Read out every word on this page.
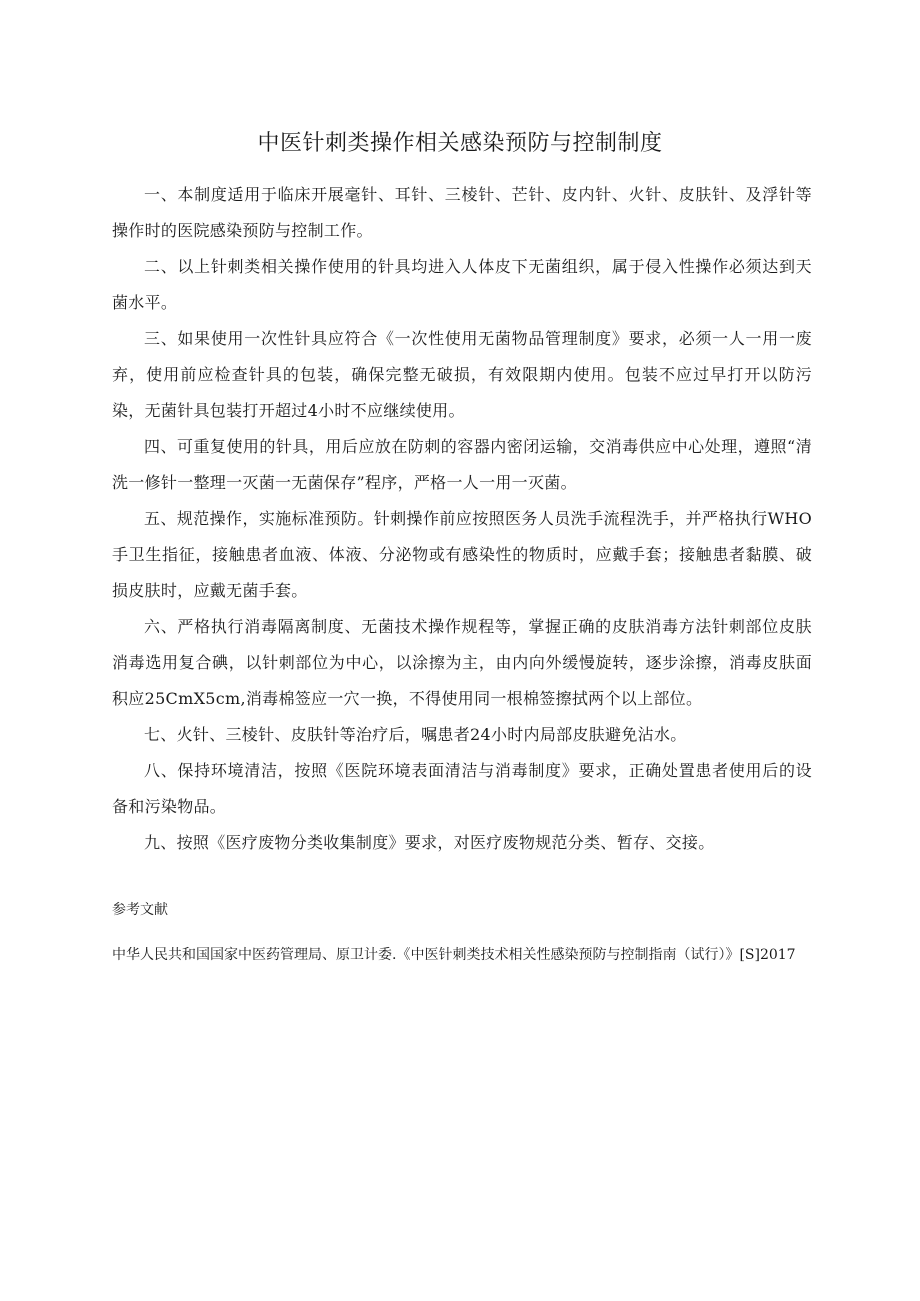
中医针刺类操作相关感染预防与控制制度

一、本制度适用于临床开展毫针、耳针、三棱针、芒针、皮内针、火针、皮肤针、及浮针等操作时的医院感染预防与控制工作。

二、以上针刺类相关操作使用的针具均进入人体皮下无菌组织，属于侵入性操作必须达到天菌水平。

三、如果使用一次性针具应符合《一次性使用无菌物品管理制度》要求，必须一人一用一废弃，使用前应检查针具的包装，确保完整无破损，有效限期内使用。包装不应过早打开以防污染，无菌针具包装打开超过4小时不应继续使用。

四、可重复使用的针具，用后应放在防刺的容器内密闭运输，交消毒供应中心处理，遵照“清洗一修针一整理一灭菌一无菌保存”程序，严格一人一用一灭菌。

五、规范操作，实施标准预防。针刺操作前应按照医务人员洗手流程洗手，并严格执行WHO手卫生指征，接触患者血液、体液、分泌物或有感染性的物质时，应戴手套；接触患者黏膜、破损皮肤时，应戴无菌手套。

六、严格执行消毒隔离制度、无菌技术操作规程等，掌握正确的皮肤消毒方法针刺部位皮肤消毒选用复合碘，以针刺部位为中心，以涂擦为主，由内向外缓慢旋转，逐步涂擦，消毒皮肤面积应25CmX5cm,消毒棉签应一穴一换，不得使用同一根棉签擦拭两个以上部位。

七、火针、三棱针、皮肤针等治疗后，嘱患者24小时内局部皮肤避免沾水。

八、保持环境清洁，按照《医院环境表面清洁与消毒制度》要求，正确处置患者使用后的设备和污染物品。

九、按照《医疗废物分类收集制度》要求，对医疗废物规范分类、暂存、交接。

参考文献

中华人民共和国国家中医药管理局、原卫计委.《中医针刺类技术相关性感染预防与控制指南（试行）》[S]2017
